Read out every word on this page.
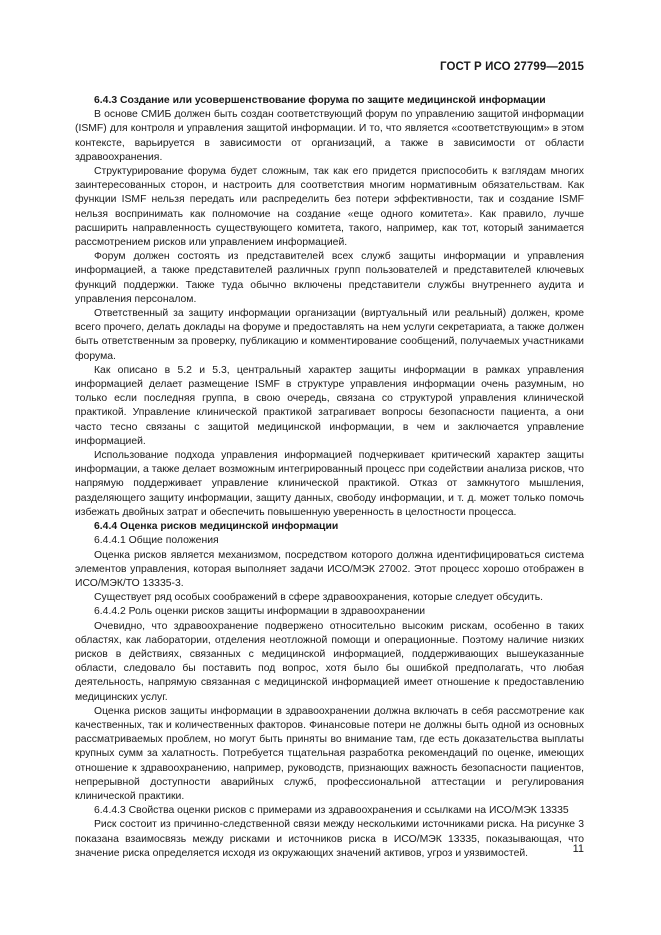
ГОСТ Р ИСО 27799—2015

6.4.3 Создание или усовершенствование форума по защите медицинской информации

В основе СМИБ должен быть создан соответствующий форум по управлению защитой информации (ISMF) для контроля и управления защитой информации. И то, что является «соответствующим» в этом контексте, варьируется в зависимости от организаций, а также в зависимости от области здравоохранения.

Структурирование форума будет сложным, так как его придется приспособить к взглядам многих заинтересованных сторон, и настроить для соответствия многим нормативным обязательствам. Как функции ISMF нельзя передать или распределить без потери эффективности, так и создание ISMF нельзя воспринимать как полномочие на создание «еще одного комитета». Как правило, лучше расширить направленность существующего комитета, такого, например, как тот, который занимается рассмотрением рисков или управлением информацией.

Форум должен состоять из представителей всех служб защиты информации и управления информацией, а также представителей различных групп пользователей и представителей ключевых функций поддержки. Также туда обычно включены представители службы внутреннего аудита и управления персоналом.

Ответственный за защиту информации организации (виртуальный или реальный) должен, кроме всего прочего, делать доклады на форуме и предоставлять на нем услуги секретариата, а также должен быть ответственным за проверку, публикацию и комментирование сообщений, получаемых участниками форума.

Как описано в 5.2 и 5.3, центральный характер защиты информации в рамках управления информацией делает размещение ISMF в структуре управления информации очень разумным, но только если последняя группа, в свою очередь, связана со структурой управления клинической практикой. Управление клинической практикой затрагивает вопросы безопасности пациента, а они часто тесно связаны с защитой медицинской информации, в чем и заключается управление информацией.

Использование подхода управления информацией подчеркивает критический характер защиты информации, а также делает возможным интегрированный процесс при содействии анализа рисков, что напрямую поддерживает управление клинической практикой. Отказ от замкнутого мышления, разделяющего защиту информации, защиту данных, свободу информации, и т. д. может только помочь избежать двойных затрат и обеспечить повышенную уверенность в целостности процесса.

6.4.4 Оценка рисков медицинской информации

6.4.4.1 Общие положения

Оценка рисков является механизмом, посредством которого должна идентифицироваться система элементов управления, которая выполняет задачи ИСО/МЭК 27002. Этот процесс хорошо отображен в ИСО/МЭК/ТО 13335-3.

Существует ряд особых соображений в сфере здравоохранения, которые следует обсудить.

6.4.4.2 Роль оценки рисков защиты информации в здравоохранении

Очевидно, что здравоохранение подвержено относительно высоким рискам, особенно в таких областях, как лаборатории, отделения неотложной помощи и операционные. Поэтому наличие низких рисков в действиях, связанных с медицинской информацией, поддерживающих вышеуказанные области, следовало бы поставить под вопрос, хотя было бы ошибкой предполагать, что любая деятельность, напрямую связанная с медицинской информацией имеет отношение к предоставлению медицинских услуг.

Оценка рисков защиты информации в здравоохранении должна включать в себя рассмотрение как качественных, так и количественных факторов. Финансовые потери не должны быть одной из основных рассматриваемых проблем, но могут быть приняты во внимание там, где есть доказательства выплаты крупных сумм за халатность. Потребуется тщательная разработка рекомендаций по оценке, имеющих отношение к здравоохранению, например, руководств, признающих важность безопасности пациентов, непрерывной доступности аварийных служб, профессиональной аттестации и регулирования клинической практики.

6.4.4.3 Свойства оценки рисков с примерами из здравоохранения и ссылками на ИСО/МЭК 13335

Риск состоит из причинно-следственной связи между несколькими источниками риска. На рисунке 3 показана взаимосвязь между рисками и источников риска в ИСО/МЭК 13335, показывающая, что значение риска определяется исходя из окружающих значений активов, угроз и уязвимостей.	11
